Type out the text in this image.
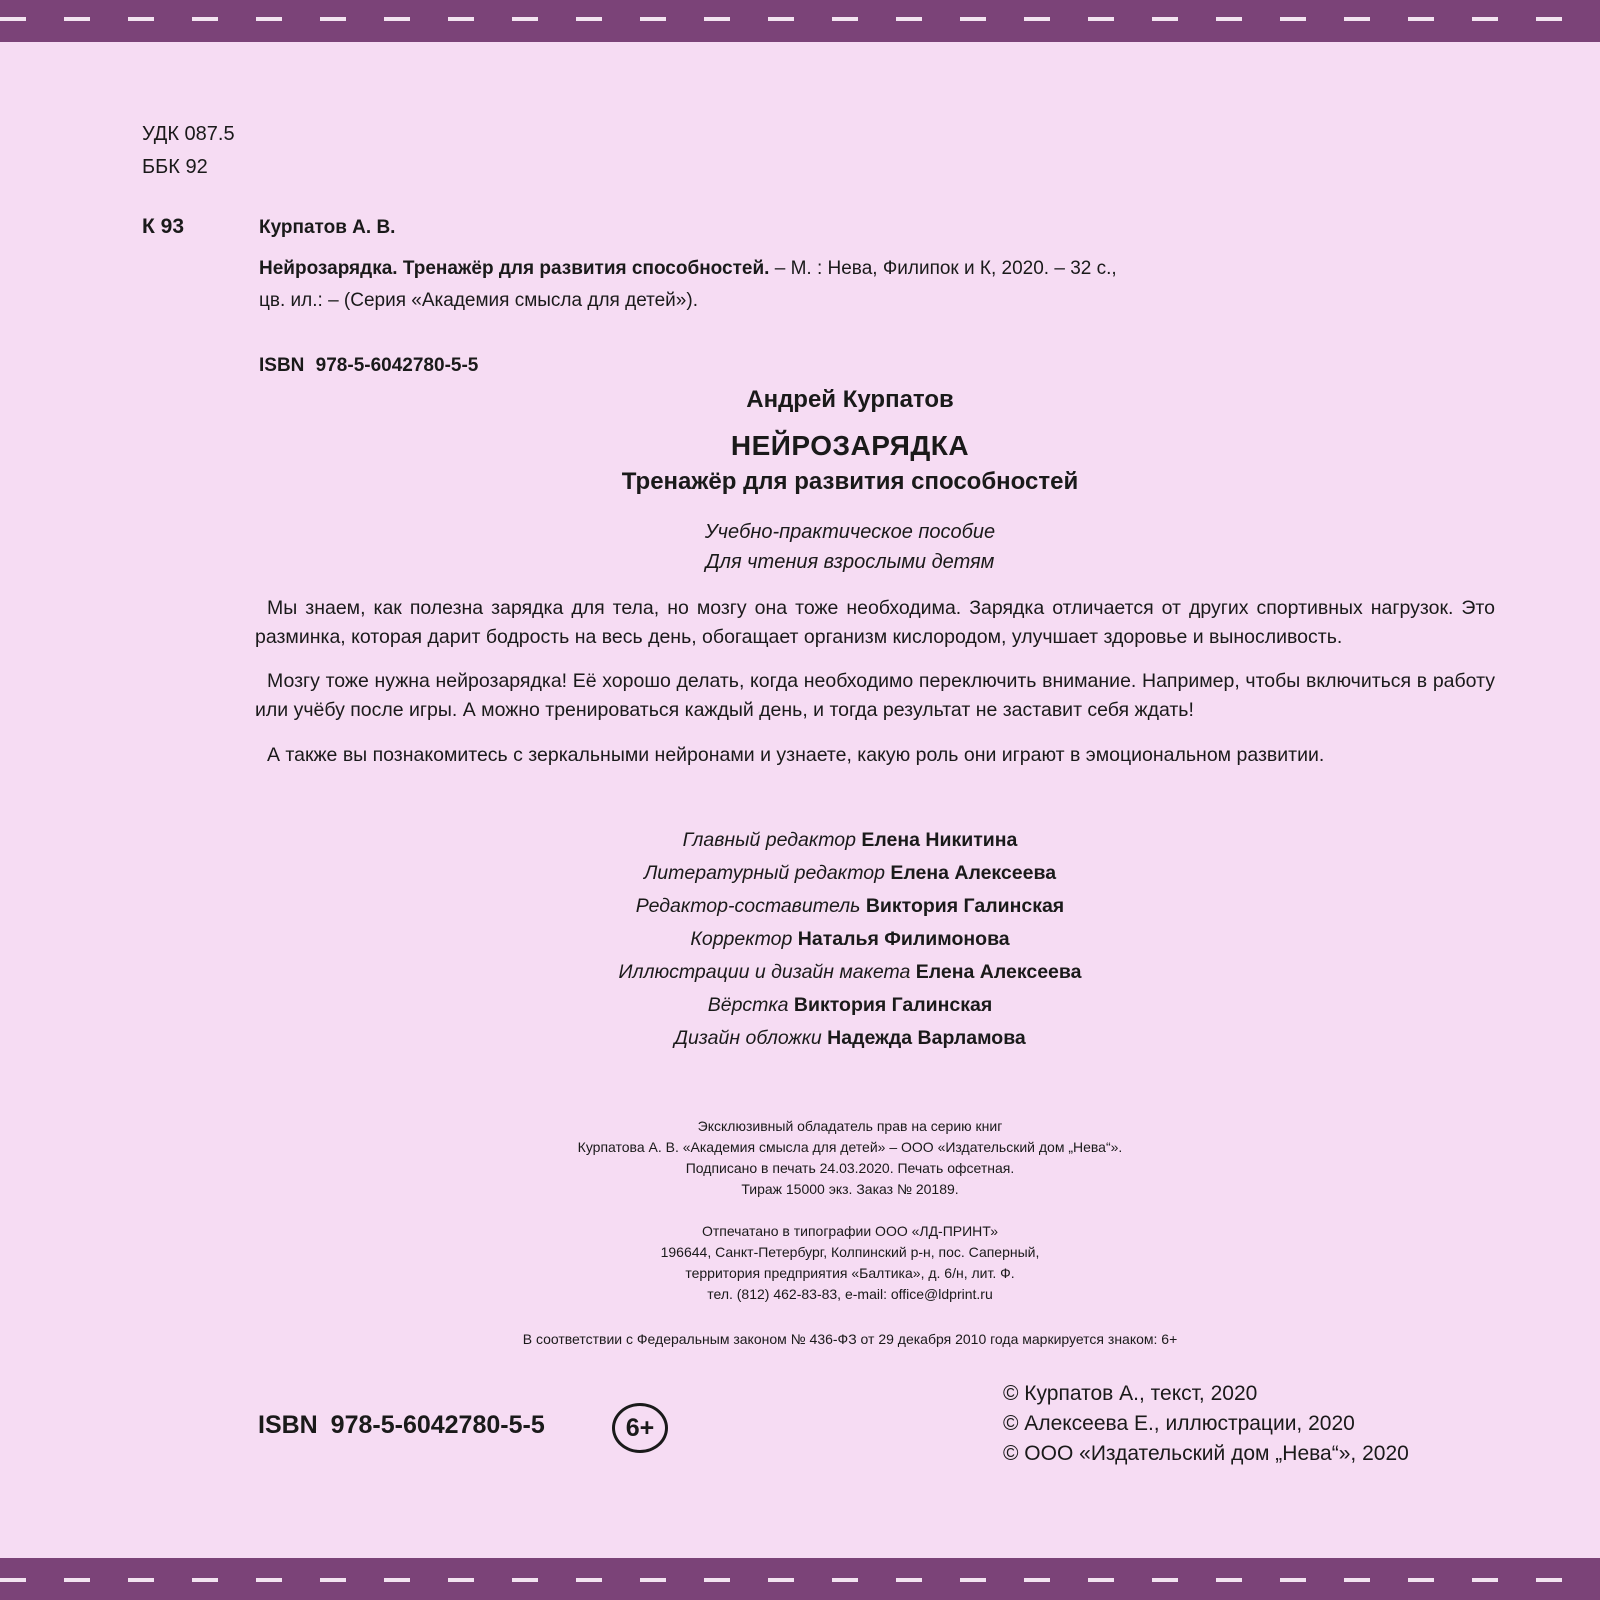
УДК 087.5
ББК 92
К 93	Курпатов А. В.
Нейрозарядка. Тренажёр для развития способностей. – М. : Нева, Филипок и К, 2020. – 32 с.,
цв. ил.: – (Серия «Академия смысла для детей»).
ISBN 978-5-6042780-5-5
Андрей Курпатов
НЕЙРОЗАРЯДКА
Тренажёр для развития способностей
Учебно-практическое пособие
Для чтения взрослыми детям
Мы знаем, как полезна зарядка для тела, но мозгу она тоже необходима. Зарядка отличается от других спортивных нагрузок. Это разминка, которая дарит бодрость на весь день, обогащает организм кислородом, улучшает здоровье и выносливость.
Мозгу тоже нужна нейрозарядка! Её хорошо делать, когда необходимо переключить внимание. Например, чтобы включиться в работу или учёбу после игры. А можно тренироваться каждый день, и тогда результат не заставит себя ждать!
А также вы познакомитесь с зеркальными нейронами и узнаете, какую роль они играют в эмоциональном развитии.
Главный редактор Елена Никитина
Литературный редактор Елена Алексеева
Редактор-составитель Виктория Галинская
Корректор Наталья Филимонова
Иллюстрации и дизайн макета Елена Алексеева
Вёрстка Виктория Галинская
Дизайн обложки Надежда Варламова
Эксклюзивный обладатель прав на серию книг
Курпатова А. В. «Академия смысла для детей» – ООО «Издательский дом „Нева“».
Подписано в печать 24.03.2020. Печать офсетная.
Тираж 15000 экз. Заказ № 20189.
Отпечатано в типографии ООО «ЛД-ПРИНТ»
196644, Санкт-Петербург, Колпинский р-н, пос. Саперный,
территория предприятия «Балтика», д. 6/н, лит. Ф.
тел. (812) 462-83-83, e-mail: office@ldprint.ru
В соответствии с Федеральным законом № 436-ФЗ от 29 декабря 2010 года маркируется знаком: 6+
ISBN 978-5-6042780-5-5	6+
© Курпатов А., текст, 2020
© Алексеева Е., иллюстрации, 2020
© ООО «Издательский дом „Нева“», 2020
